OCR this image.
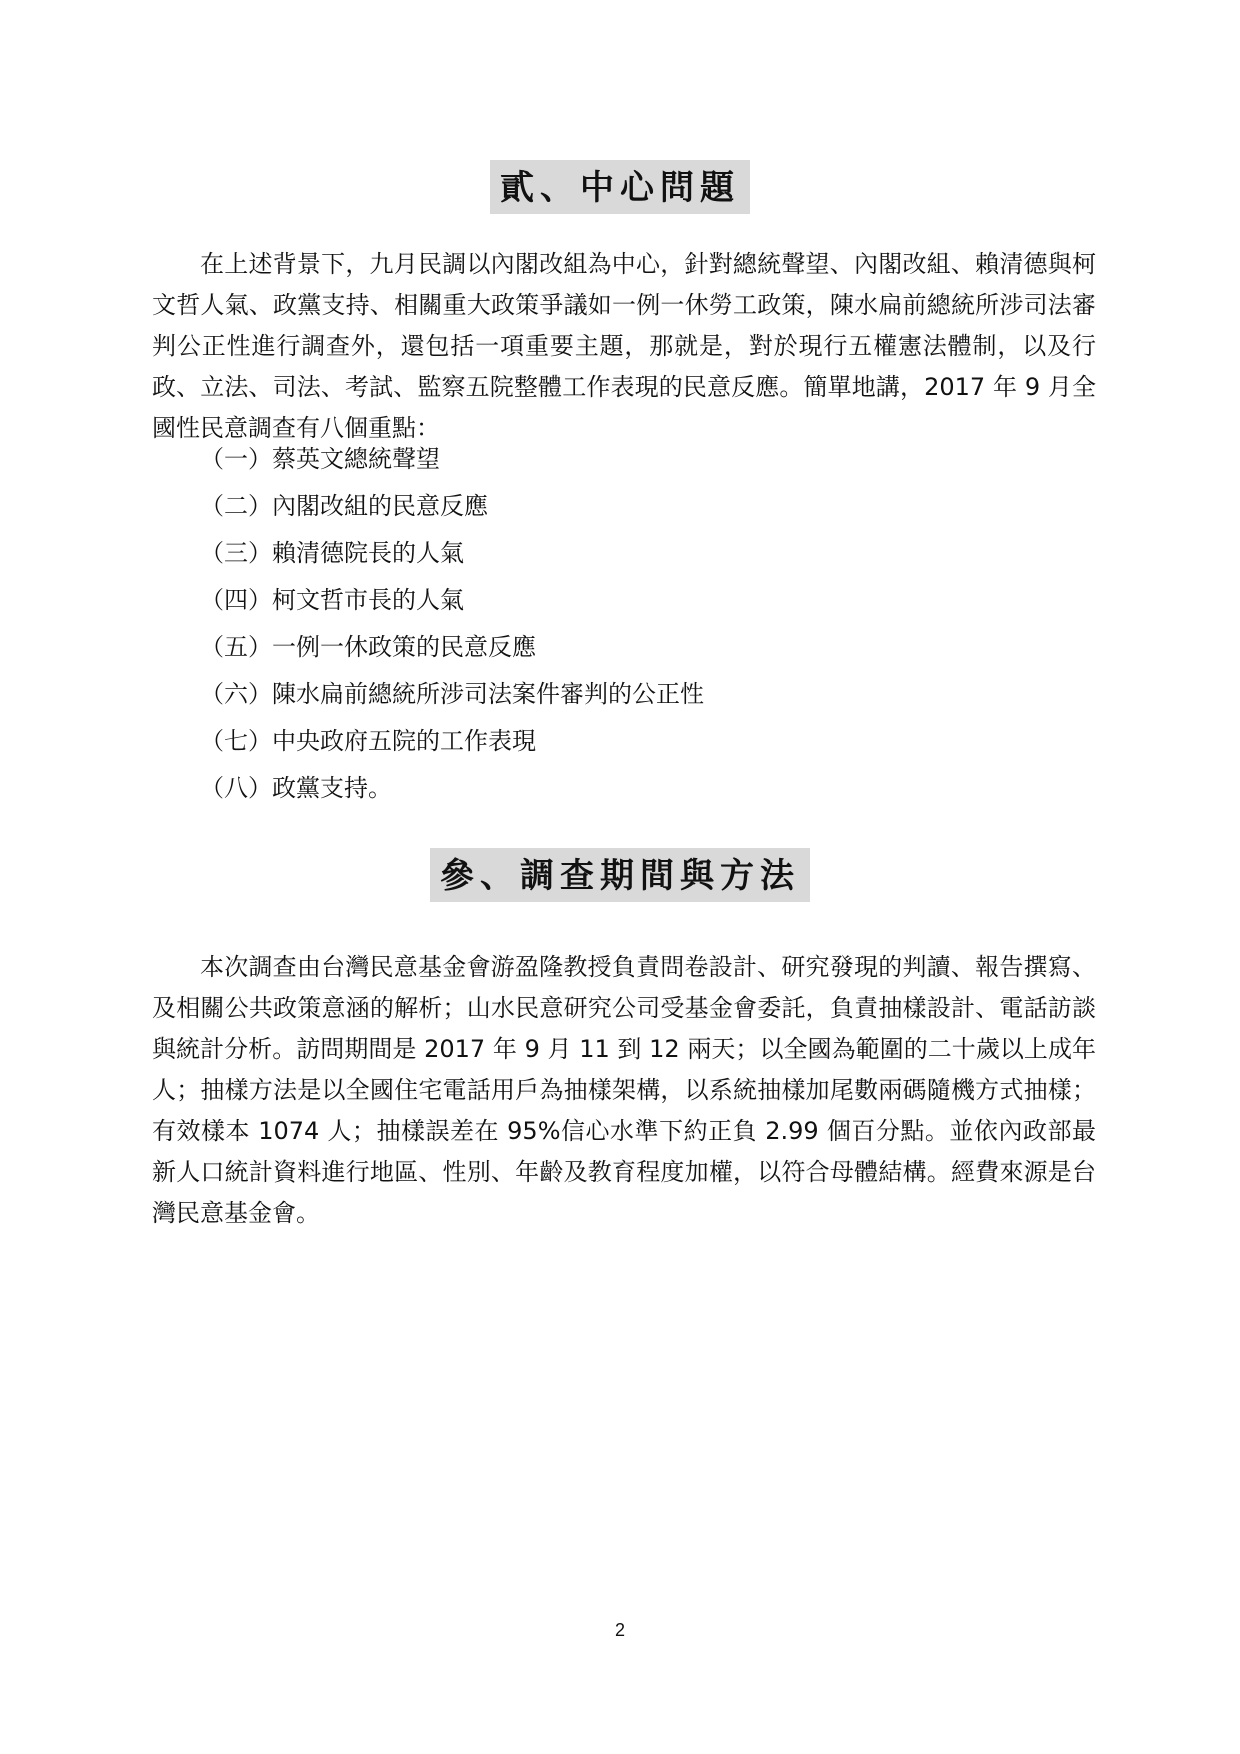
貳、中心問題

在上述背景下，九月民調以內閣改組為中心，針對總統聲望、內閣改組、賴清德與柯文哲人氣、政黨支持、相關重大政策爭議如一例一休勞工政策，陳水扁前總統所涉司法審判公正性進行調查外，還包括一項重要主題，那就是，對於現行五權憲法體制，以及行政、立法、司法、考試、監察五院整體工作表現的民意反應。簡單地講，2017 年 9 月全國性民意調查有八個重點：

（一）蔡英文總統聲望
（二）內閣改組的民意反應
（三）賴清德院長的人氣
（四）柯文哲市長的人氣
（五）一例一休政策的民意反應
（六）陳水扁前總統所涉司法案件審判的公正性
（七）中央政府五院的工作表現
（八）政黨支持。
參、調查期間與方法

本次調查由台灣民意基金會游盈隆教授負責問卷設計、研究發現的判讀、報告撰寫、及相關公共政策意涵的解析；山水民意研究公司受基金會委託，負責抽樣設計、電話訪談與統計分析。訪問期間是 2017 年 9 月 11 到 12 兩天；以全國為範圍的二十歲以上成年人；抽樣方法是以全國住宅電話用戶為抽樣架構，以系統抽樣加尾數兩碼隨機方式抽樣；有效樣本 1074 人；抽樣誤差在 95%信心水準下約正負 2.99 個百分點。並依內政部最新人口統計資料進行地區、性別、年齡及教育程度加權，以符合母體結構。經費來源是台灣民意基金會。

2
